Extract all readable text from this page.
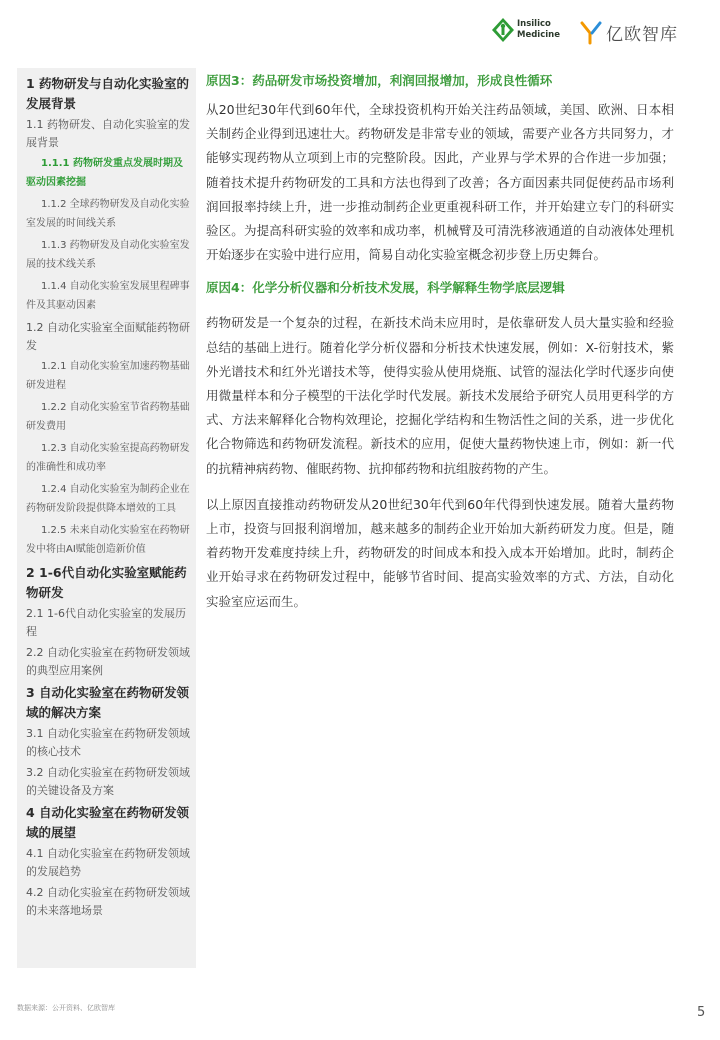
Insilico
Medicine	亿欧智库
1 药物研发与自动化实验室的发展背景
1.1 药物研发、自动化实验室的发展背景
1.1.1 药物研发重点发展时期及驱动因素挖掘
1.1.2 全球药物研发及自动化实验室发展的时间线关系
1.1.3 药物研发及自动化实验室发展的技术线关系
1.1.4 自动化实验室发展里程碑事件及其驱动因素
1.2 自动化实验室全面赋能药物研发
1.2.1 自动化实验室加速药物基础研发进程
1.2.2 自动化实验室节省药物基础研发费用
1.2.3 自动化实验室提高药物研发的准确性和成功率
1.2.4 自动化实验室为制药企业在药物研发阶段提供降本增效的工具
1.2.5 未来自动化实验室在药物研发中将由AI赋能创造新价值
2 1-6代自动化实验室赋能药物研发
2.1 1-6代自动化实验室的发展历程
2.2 自动化实验室在药物研发领域的典型应用案例
3 自动化实验室在药物研发领域的解决方案
3.1 自动化实验室在药物研发领域的核心技术
3.2 自动化实验室在药物研发领域的关键设备及方案
4 自动化实验室在药物研发领域的展望
4.1 自动化实验室在药物研发领域的发展趋势
4.2 自动化实验室在药物研发领域的未来落地场景
原因3：药品研发市场投资增加，利润回报增加，形成良性循环

从20世纪30年代到60年代，全球投资机构开始关注药品领域，美国、欧洲、日本相关制药企业得到迅速壮大。药物研发是非常专业的领域，需要产业各方共同努力，才能够实现药物从立项到上市的完整阶段。因此，产业界与学术界的合作进一步加强；随着技术提升药物研发的工具和方法也得到了改善；各方面因素共同促使药品市场利润回报率持续上升，进一步推动制药企业更重视科研工作，并开始建立专门的科研实验区。为提高科研实验的效率和成功率，机械臂及可清洗移液通道的自动液体处理机开始逐步在实验中进行应用，简易自动化实验室概念初步登上历史舞台。

原因4：化学分析仪器和分析技术发展，科学解释生物学底层逻辑

药物研发是一个复杂的过程，在新技术尚未应用时，是依靠研发人员大量实验和经验总结的基础上进行。随着化学分析仪器和分析技术快速发展，例如：X-衍射技术，紫外光谱技术和红外光谱技术等，使得实验从使用烧瓶、试管的湿法化学时代逐步向使用微量样本和分子模型的干法化学时代发展。新技术发展给予研究人员用更科学的方式、方法来解释化合物构效理论，挖掘化学结构和生物活性之间的关系，进一步优化化合物筛选和药物研发流程。新技术的应用，促使大量药物快速上市，例如：新一代的抗精神病药物、催眠药物、抗抑郁药物和抗组胺药物的产生。

以上原因直接推动药物研发从20世纪30年代到60年代得到快速发展。随着大量药物上市，投资与回报利润增加，越来越多的制药企业开始加大新药研发力度。但是，随着药物开发难度持续上升，药物研发的时间成本和投入成本开始增加。此时，制药企业开始寻求在药物研发过程中，能够节省时间、提高实验效率的方式、方法，自动化实验室应运而生。

数据来源：公开资料、亿欧智库	5
